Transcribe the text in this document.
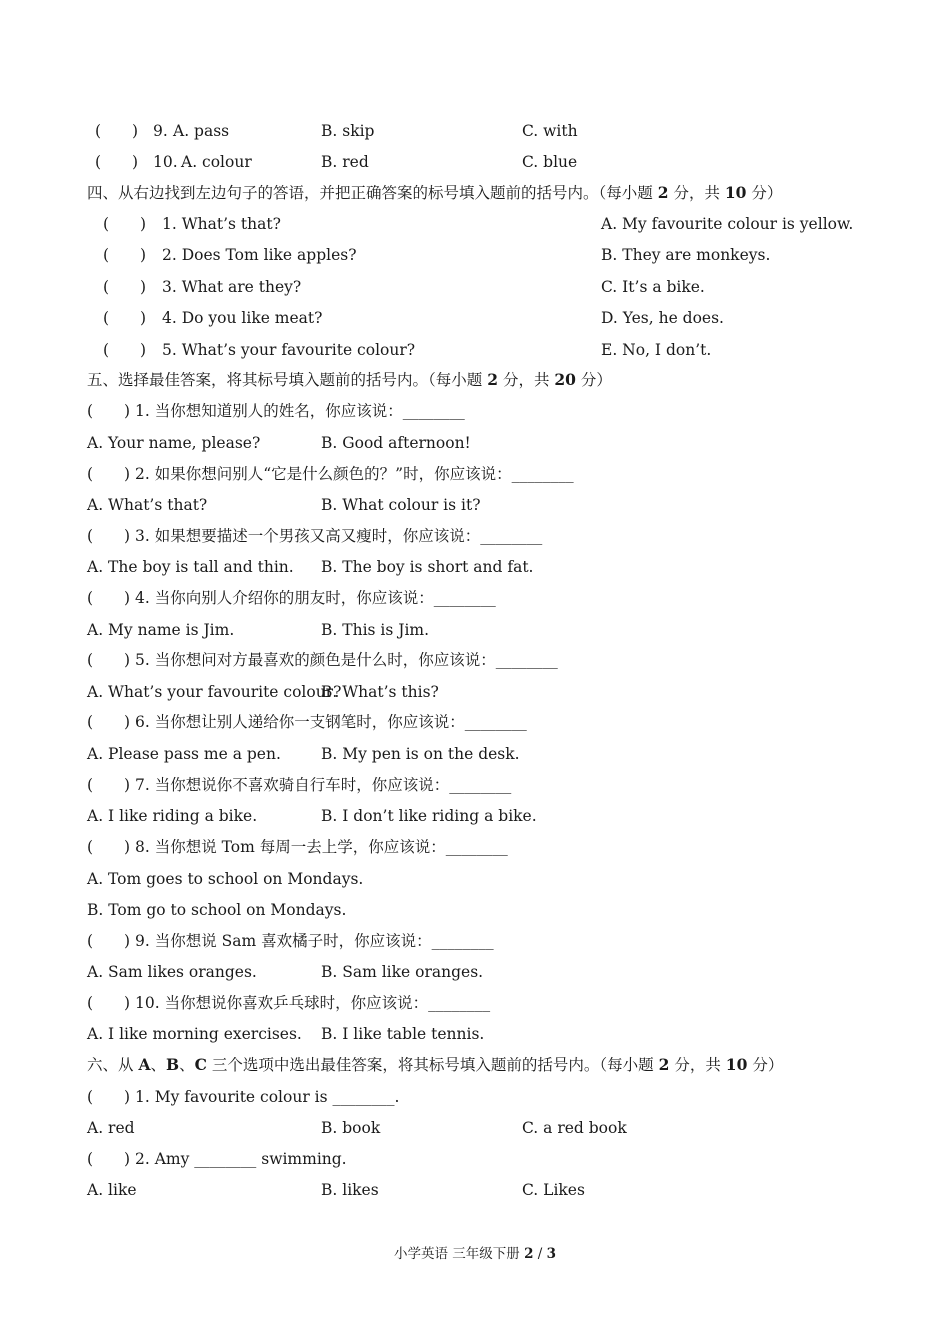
(　　) 9. A. pass	B. skip	C. with
(　　) 10. A. colour	B. red	C. blue
四、从右边找到左边句子的答语，并把正确答案的标号填入题前的括号内。（每小题 2 分，共 10 分）
(　　) 1. What’s that?	A. My favourite colour is yellow.
(　　) 2. Does Tom like apples?	B. They are monkeys.
(　　) 3. What are they?	C. It’s a bike.
(　　) 4. Do you like meat?	D. Yes, he does.
(　　) 5. What’s your favourite colour?	E. No, I don’t.
五、选择最佳答案，将其标号填入题前的括号内。（每小题 2 分，共 20 分）
(　　) 1. 当你想知道别人的姓名，你应该说：________
A. Your name, please?	B. Good afternoon!
(　　) 2. 如果你想问别人“它是什么颜色的？”时，你应该说：________
A. What’s that?	B. What colour is it?
(　　) 3. 如果想要描述一个男孩又高又瘦时，你应该说：________
A. The boy is tall and thin. B. The boy is short and fat.
(　　) 4. 当你向别人介绍你的朋友时，你应该说：________
A. My name is Jim.	B. This is Jim.
(　　) 5. 当你想问对方最喜欢的颜色是什么时，你应该说：________
A. What’s your favourite colour?
B. What’s this?
(　　) 6. 当你想让别人递给你一支钢笔时，你应该说：________
A. Please pass me a pen.	B. My pen is on the desk.
(　　) 7. 当你想说你不喜欢骑自行车时，你应该说：________
A. I like riding a bike.	B. I don’t like riding a bike.
(　　) 8. 当你想说 Tom 每周一去上学，你应该说：________
A. Tom goes to school on Mondays.
B. Tom go to school on Mondays.
(　　) 9. 当你想说 Sam 喜欢橘子时，你应该说：________
A. Sam likes oranges.	B. Sam like oranges.
(　　) 10. 当你想说你喜欢乒乓球时，你应该说：________
A. I like morning exercises. B. I like table tennis.
六、从 A、B、C 三个选项中选出最佳答案，将其标号填入题前的括号内。（每小题 2 分，共 10 分）
(　　) 1. My favourite colour is ________.
A. red	B. book	C. a red book
(　　) 2. Amy ________ swimming.
A. like	B. likes	C. Likes
小学英语 三年级下册 2 / 3
